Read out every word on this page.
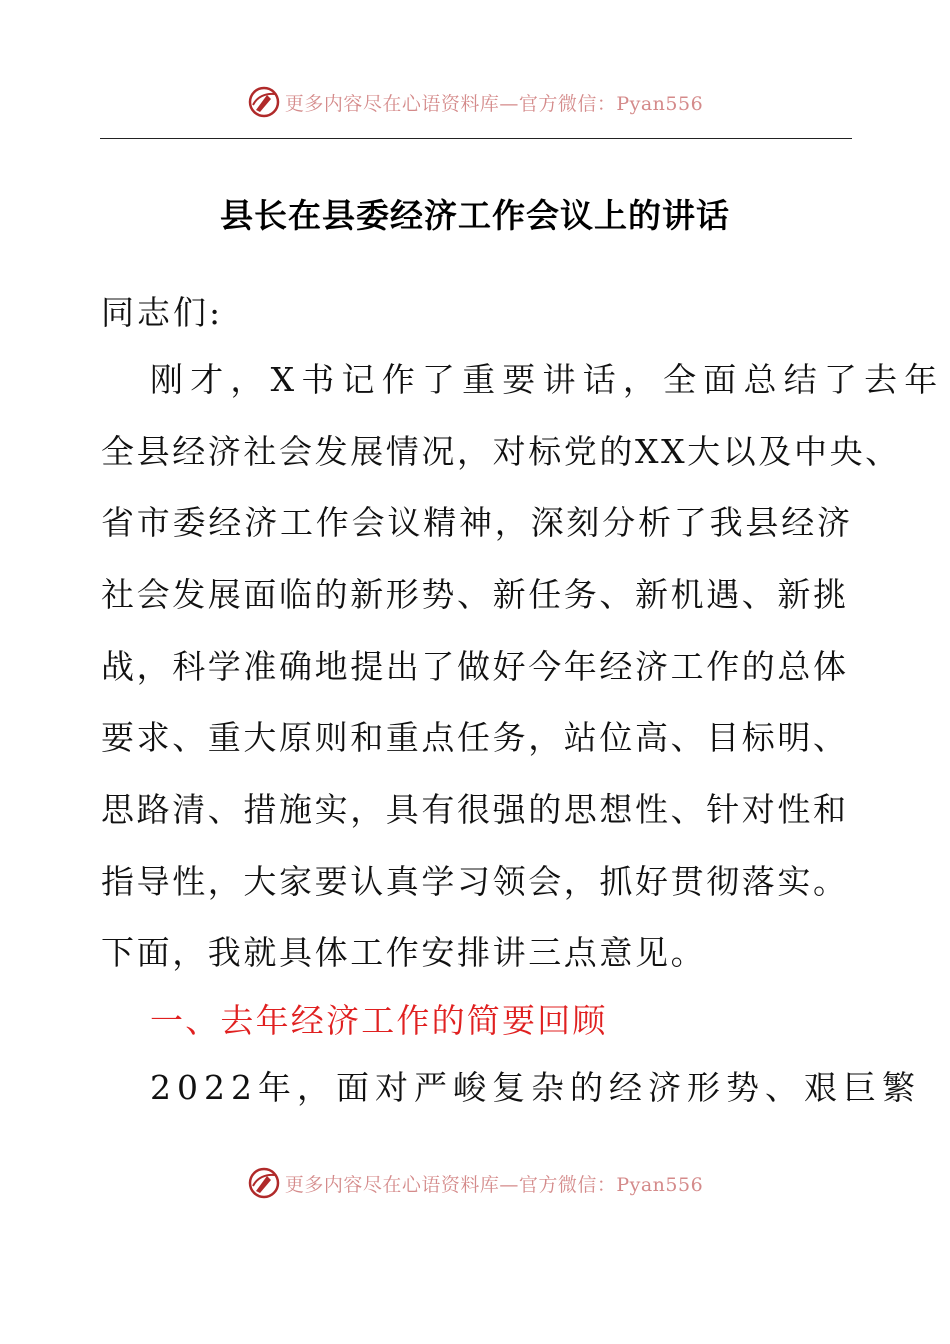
更多内容尽在心语资料库—官方微信：Pyan556
县长在县委经济工作会议上的讲话
同志们:
刚才，X书记作了重要讲话，全面总结了去年
全县经济社会发展情况，对标党的XX大以及中央、
省市委经济工作会议精神，深刻分析了我县经济
社会发展面临的新形势、新任务、新机遇、新挑
战，科学准确地提出了做好今年经济工作的总体
要求、重大原则和重点任务，站位高、目标明、
思路清、措施实，具有很强的思想性、针对性和
指导性，大家要认真学习领会，抓好贯彻落实。
下面，我就具体工作安排讲三点意见。
一、去年经济工作的简要回顾
2022年，面对严峻复杂的经济形势、艰巨繁
更多内容尽在心语资料库—官方微信：Pyan556
